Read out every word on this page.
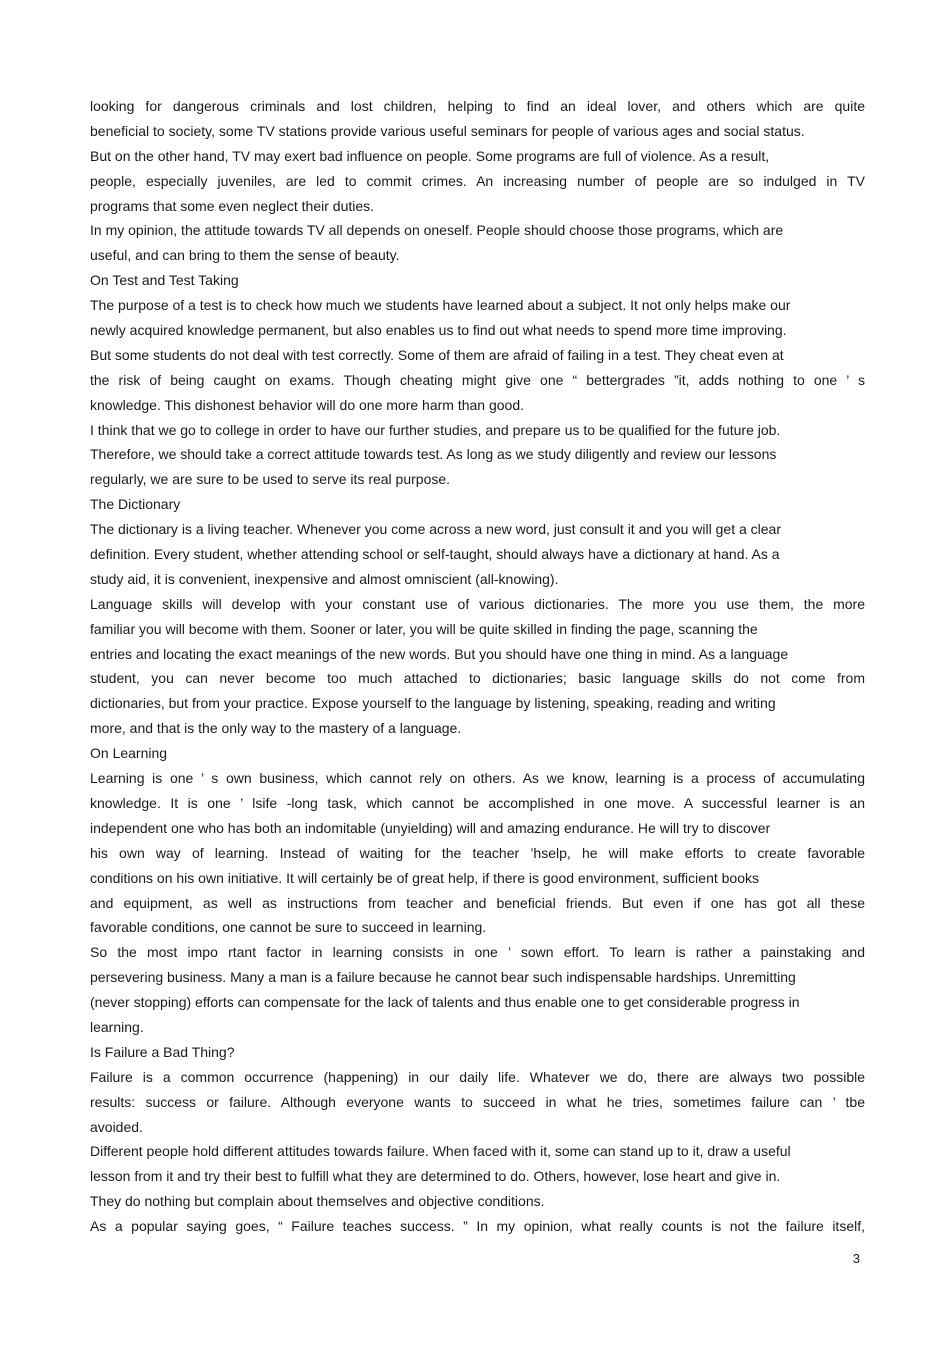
looking for dangerous criminals and lost children, helping to find an ideal lover, and others which are quite
beneficial to society, some TV stations provide various useful seminars for people of various ages and social status.
But on the other hand, TV may exert bad influence on people. Some programs are full of violence. As a result,
people, especially juveniles, are led to commit crimes. An increasing number of people are so indulged in TV
programs that some even neglect their duties.
In my opinion, the attitude towards TV all depends on oneself. People should choose those programs, which are
useful, and can bring to them the sense of beauty.
On Test and Test Taking
The purpose of a test is to check how much we students have learned about a subject. It not only helps make our
newly acquired knowledge permanent, but also enables us to find out what needs to spend more time improving.
But some students do not deal with test correctly. Some of them are afraid of failing in a test. They cheat even at
the risk of being caught on exams. Though cheating might give one “ bettergrades ”it, adds nothing to one ’ s
knowledge. This dishonest behavior will do one more harm than good.
I think that we go to college in order to have our further studies, and prepare us to be qualified for the future job.
Therefore, we should take a correct attitude towards test. As long as we study diligently and review our lessons
regularly, we are sure to be used to serve its real purpose.
The Dictionary
The dictionary is a living teacher. Whenever you come across a new word, just consult it and you will get a clear
definition. Every student, whether attending school or self-taught, should always have a dictionary at hand. As a
study aid, it is convenient, inexpensive and almost omniscient (all-knowing).
Language skills will develop with your constant use of various dictionaries. The more you use them, the more
familiar you will become with them. Sooner or later, you will be quite skilled in finding the page, scanning the
entries and locating the exact meanings of the new words. But you should have one thing in mind. As a language
student, you can never become too much attached to dictionaries; basic language skills do not come from
dictionaries, but from your practice. Expose yourself to the language by listening, speaking, reading and writing
more, and that is the only way to the mastery of a language.
On Learning
Learning is one ’ s own business, which cannot rely on others. As we know, learning is a process of accumulating
knowledge. It is one ’ lsife -long task, which cannot be accomplished in one move. A successful learner is an
independent one who has both an indomitable (unyielding) will and amazing endurance. He will try to discover
his own way of learning. Instead of waiting for the teacher ’hselp, he will make efforts to create favorable
conditions on his own initiative. It will certainly be of great help, if there is good environment, sufficient books
and equipment, as well as instructions from teacher and beneficial friends. But even if one has got all these
favorable conditions, one cannot be sure to succeed in learning.
So the most impo rtant factor in learning consists in one ’ sown effort. To learn is rather a painstaking and
persevering business. Many a man is a failure because he cannot bear such indispensable hardships. Unremitting
(never stopping) efforts can compensate for the lack of talents and thus enable one to get considerable progress in
learning.
Is Failure a Bad Thing?
Failure is a common occurrence (happening) in our daily life. Whatever we do, there are always two possible
results: success or failure. Although everyone wants to succeed in what he tries, sometimes failure can ’ tbe
avoided.
Different people hold different attitudes towards failure. When faced with it, some can stand up to it, draw a useful
lesson from it and try their best to fulfill what they are determined to do. Others, however, lose heart and give in.
They do nothing but complain about themselves and objective conditions.
As a popular saying goes, “ Failure teaches success. ” In my opinion, what really counts is not the failure itself,
3
